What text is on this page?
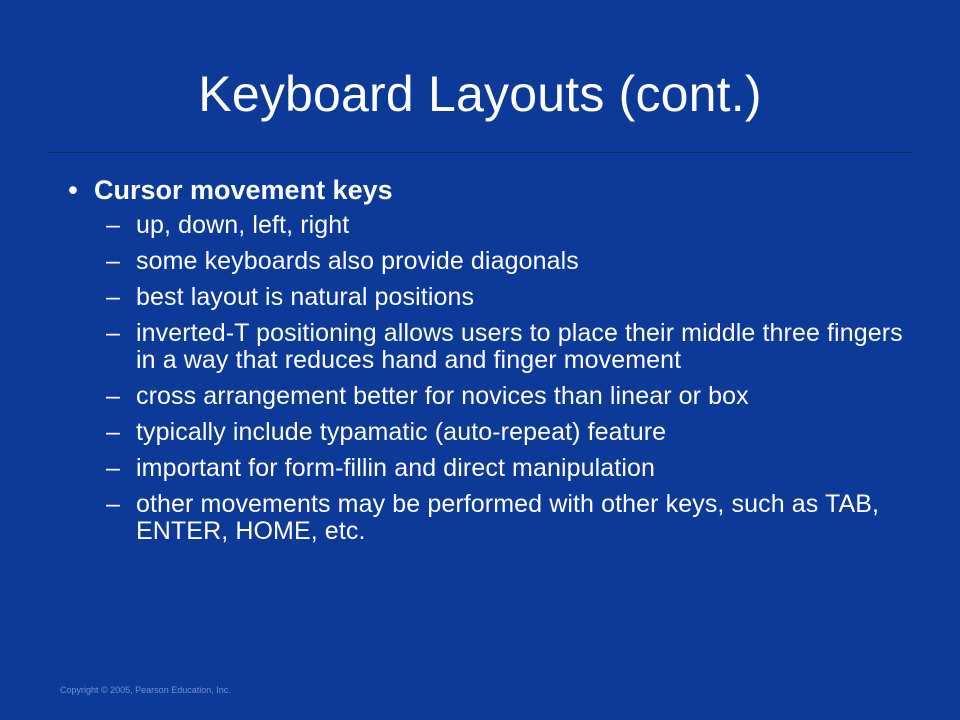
Keyboard Layouts (cont.)
• Cursor movement keys
– up, down, left, right
– some keyboards also provide diagonals
– best layout is natural positions
– inverted-T positioning allows users to place their middle three fingers in a way that reduces hand and finger movement
– cross arrangement better for novices than linear or box
– typically include typamatic (auto-repeat) feature
– important for form-fillin and direct manipulation
– other movements may be performed with other keys, such as TAB, ENTER, HOME, etc.
Copyright © 2005, Pearson Education, Inc.
